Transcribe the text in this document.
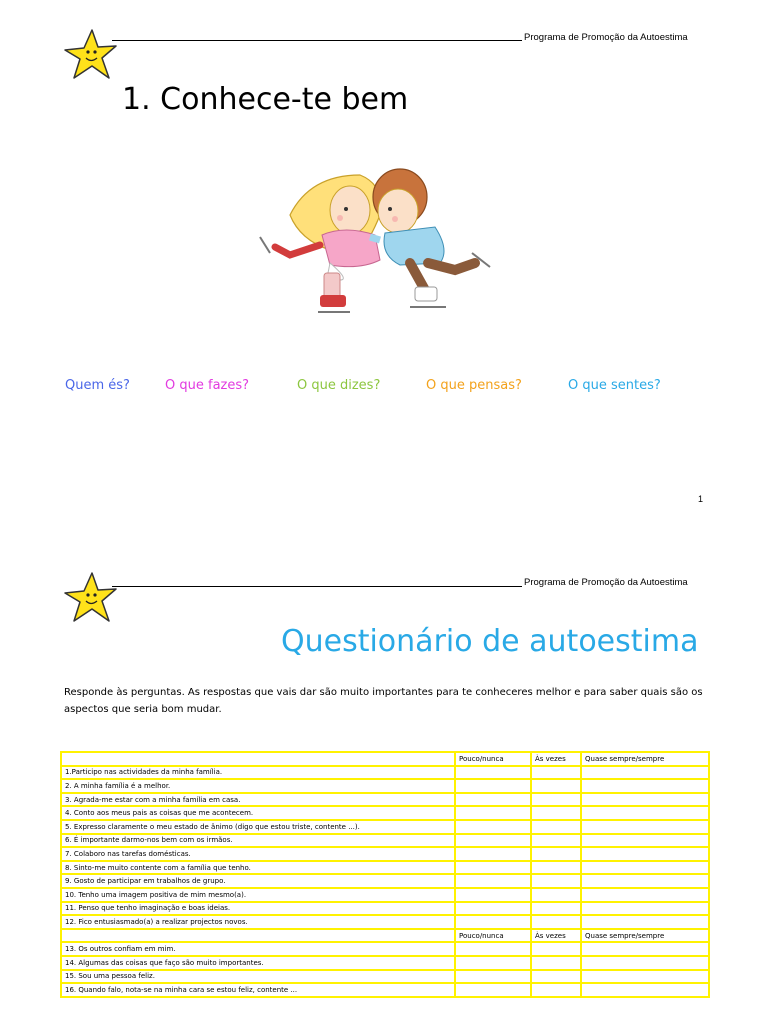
Programa de Promoção da Autoestima
1. Conhece-te bem
Quem és?	O que fazes?	O que dizes?	O que pensas?	O que sentes?
1
Programa de Promoção da Autoestima
Questionário de autoestima
Responde às perguntas. As respostas que vais dar são muito importantes para te conheceres melhor e para saber quais são os aspectos que seria bom mudar.
	Pouco/nunca	Às vezes	Quase sempre/sempre
1.Participo nas actividades da minha família.			
2. A minha família é a melhor.			
3. Agrada-me estar com a minha família em casa.			
4. Conto aos meus pais as coisas que me acontecem.			
5. Expresso claramente o meu estado de ânimo (digo que estou triste, contente ...).			
6. É importante darmo-nos bem com os irmãos.			
7. Colaboro nas tarefas domésticas.			
8. Sinto-me muito contente com a família que tenho.			
9. Gosto de participar em trabalhos de grupo.			
10. Tenho uma imagem positiva de mim mesmo(a).			
11. Penso que tenho imaginação e boas ideias.			
12. Fico entusiasmado(a) a realizar projectos novos.			
	Pouco/nunca	Às vezes	Quase sempre/sempre
13. Os outros confiam em mim.			
14. Algumas das coisas que faço são muito importantes.			
15. Sou uma pessoa feliz.			
16. Quando falo, nota-se na minha cara se estou feliz, contente ...			
